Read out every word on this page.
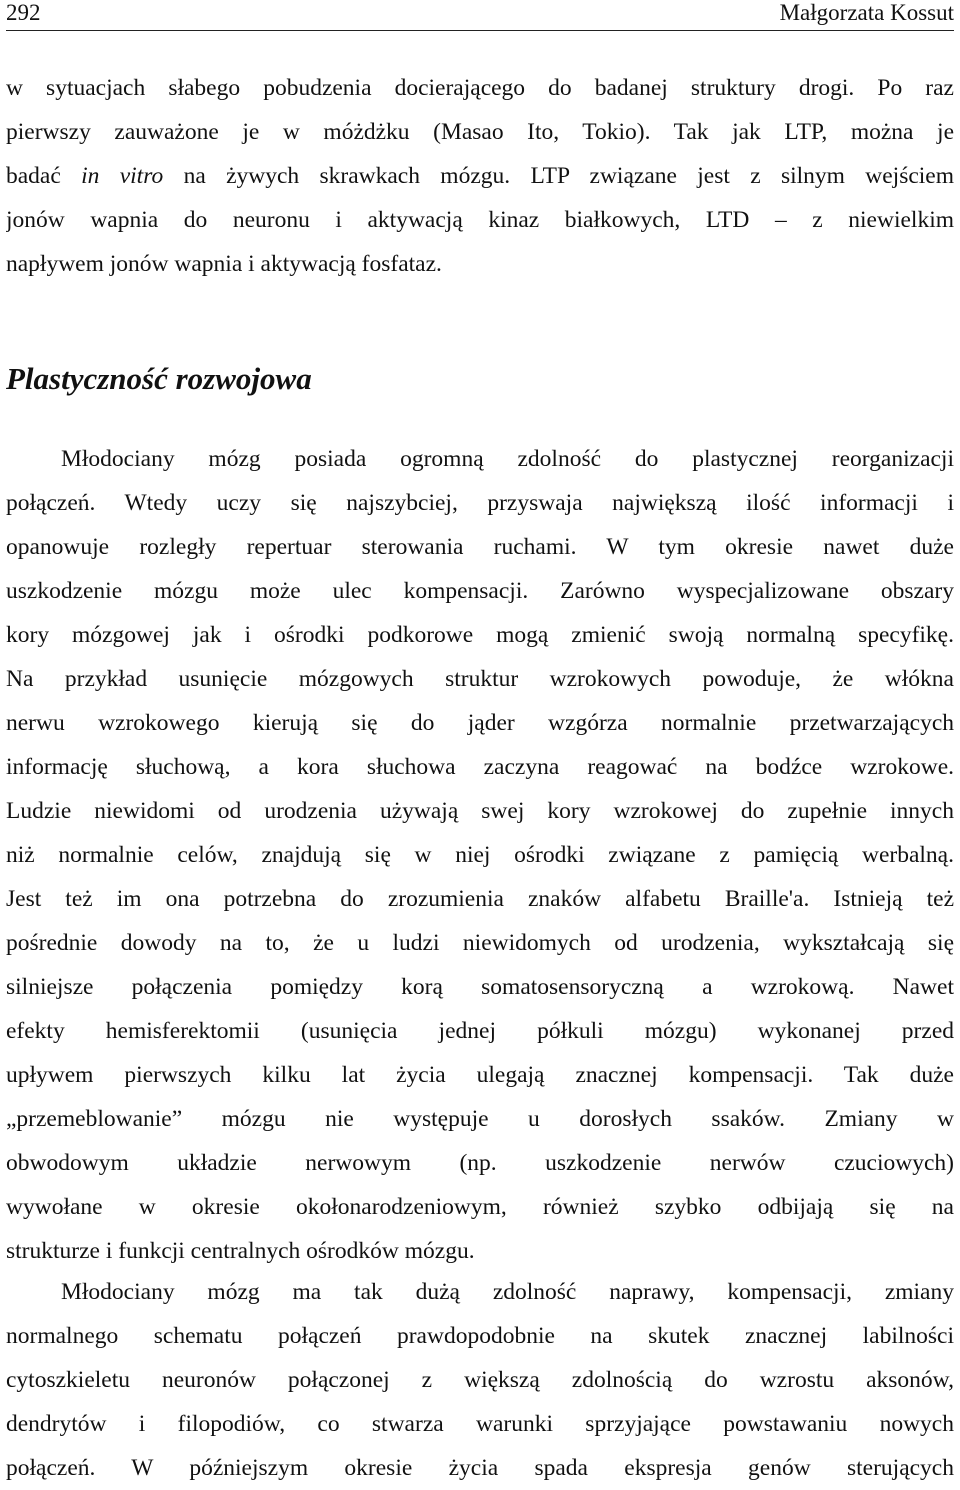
292	Małgorzata Kossut
w sytuacjach słabego pobudzenia docierającego do badanej struktury drogi. Po raz
pierwszy zauważone je w móżdżku (Masao Ito, Tokio). Tak jak LTP, można je
badać in vitro na żywych skrawkach mózgu. LTP związane jest z silnym wejściem
jonów wapnia do neuronu i aktywacją kinaz białkowych, LTD – z niewielkim
napływem jonów wapnia i aktywacją fosfataz.
Plastyczność rozwojowa
Młodociany mózg posiada ogromną zdolność do plastycznej reorganizacji
połączeń. Wtedy uczy się najszybciej, przyswaja największą ilość informacji i
opanowuje rozległy repertuar sterowania ruchami. W tym okresie nawet duże
uszkodzenie mózgu może ulec kompensacji. Zarówno wyspecjalizowane obszary
kory mózgowej jak i ośrodki podkorowe mogą zmienić swoją normalną specyfikę.
Na przykład usunięcie mózgowych struktur wzrokowych powoduje, że włókna
nerwu wzrokowego kierują się do jąder wzgórza normalnie przetwarzających
informację słuchową, a kora słuchowa zaczyna reagować na bodźce wzrokowe.
Ludzie niewidomi od urodzenia używają swej kory wzrokowej do zupełnie innych
niż normalnie celów, znajdują się w niej ośrodki związane z pamięcią werbalną.
Jest też im ona potrzebna do zrozumienia znaków alfabetu Braille'a. Istnieją też
pośrednie dowody na to, że u ludzi niewidomych od urodzenia, wykształcają się
silniejsze połączenia pomiędzy korą somatosensoryczną a wzrokową. Nawet
efekty hemisferektomii (usunięcia jednej półkuli mózgu) wykonanej przed
upływem pierwszych kilku lat życia ulegają znacznej kompensacji. Tak duże
„przemeblowanie” mózgu nie występuje u dorosłych ssaków. Zmiany w
obwodowym układzie nerwowym (np. uszkodzenie nerwów czuciowych)
wywołane w okresie okołonarodzeniowym, również szybko odbijają się na
strukturze i funkcji centralnych ośrodków mózgu.
Młodociany mózg ma tak dużą zdolność naprawy, kompensacji, zmiany
normalnego schematu połączeń prawdopodobnie na skutek znacznej labilności
cytoszkieletu neuronów połączonej z większą zdolnością do wzrostu aksonów,
dendrytów i filopodiów, co stwarza warunki sprzyjające powstawaniu nowych
połączeń. W późniejszym okresie życia spada ekspresja genów sterujących
